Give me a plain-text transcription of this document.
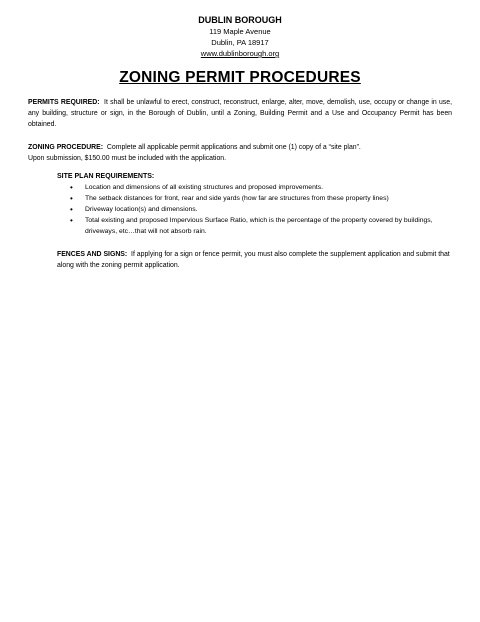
DUBLIN BOROUGH
119 Maple Avenue
Dublin, PA 18917
www.dublinborough.org
ZONING PERMIT PROCEDURES

PERMITS REQUIRED: It shall be unlawful to erect, construct, reconstruct, enlarge, alter, move, demolish, use, occupy or change in use, any building, structure or sign, in the Borough of Dublin, until a Zoning, Building Permit and a Use and Occupancy Permit has been obtained.

ZONING PROCEDURE: Complete all applicable permit applications and submit one (1) copy of a “site plan”.

Upon submission, $150.00 must be included with the application.

SITE PLAN REQUIREMENTS:
• Location and dimensions of all existing structures and proposed improvements.
• The setback distances for front, rear and side yards (how far are structures from these property lines)
• Driveway location(s) and dimensions.
• Total existing and proposed Impervious Surface Ratio, which is the percentage of the property covered by buildings, driveways, etc…that will not absorb rain.

FENCES AND SIGNS: If applying for a sign or fence permit, you must also complete the supplement application and submit that along with the zoning permit application.
